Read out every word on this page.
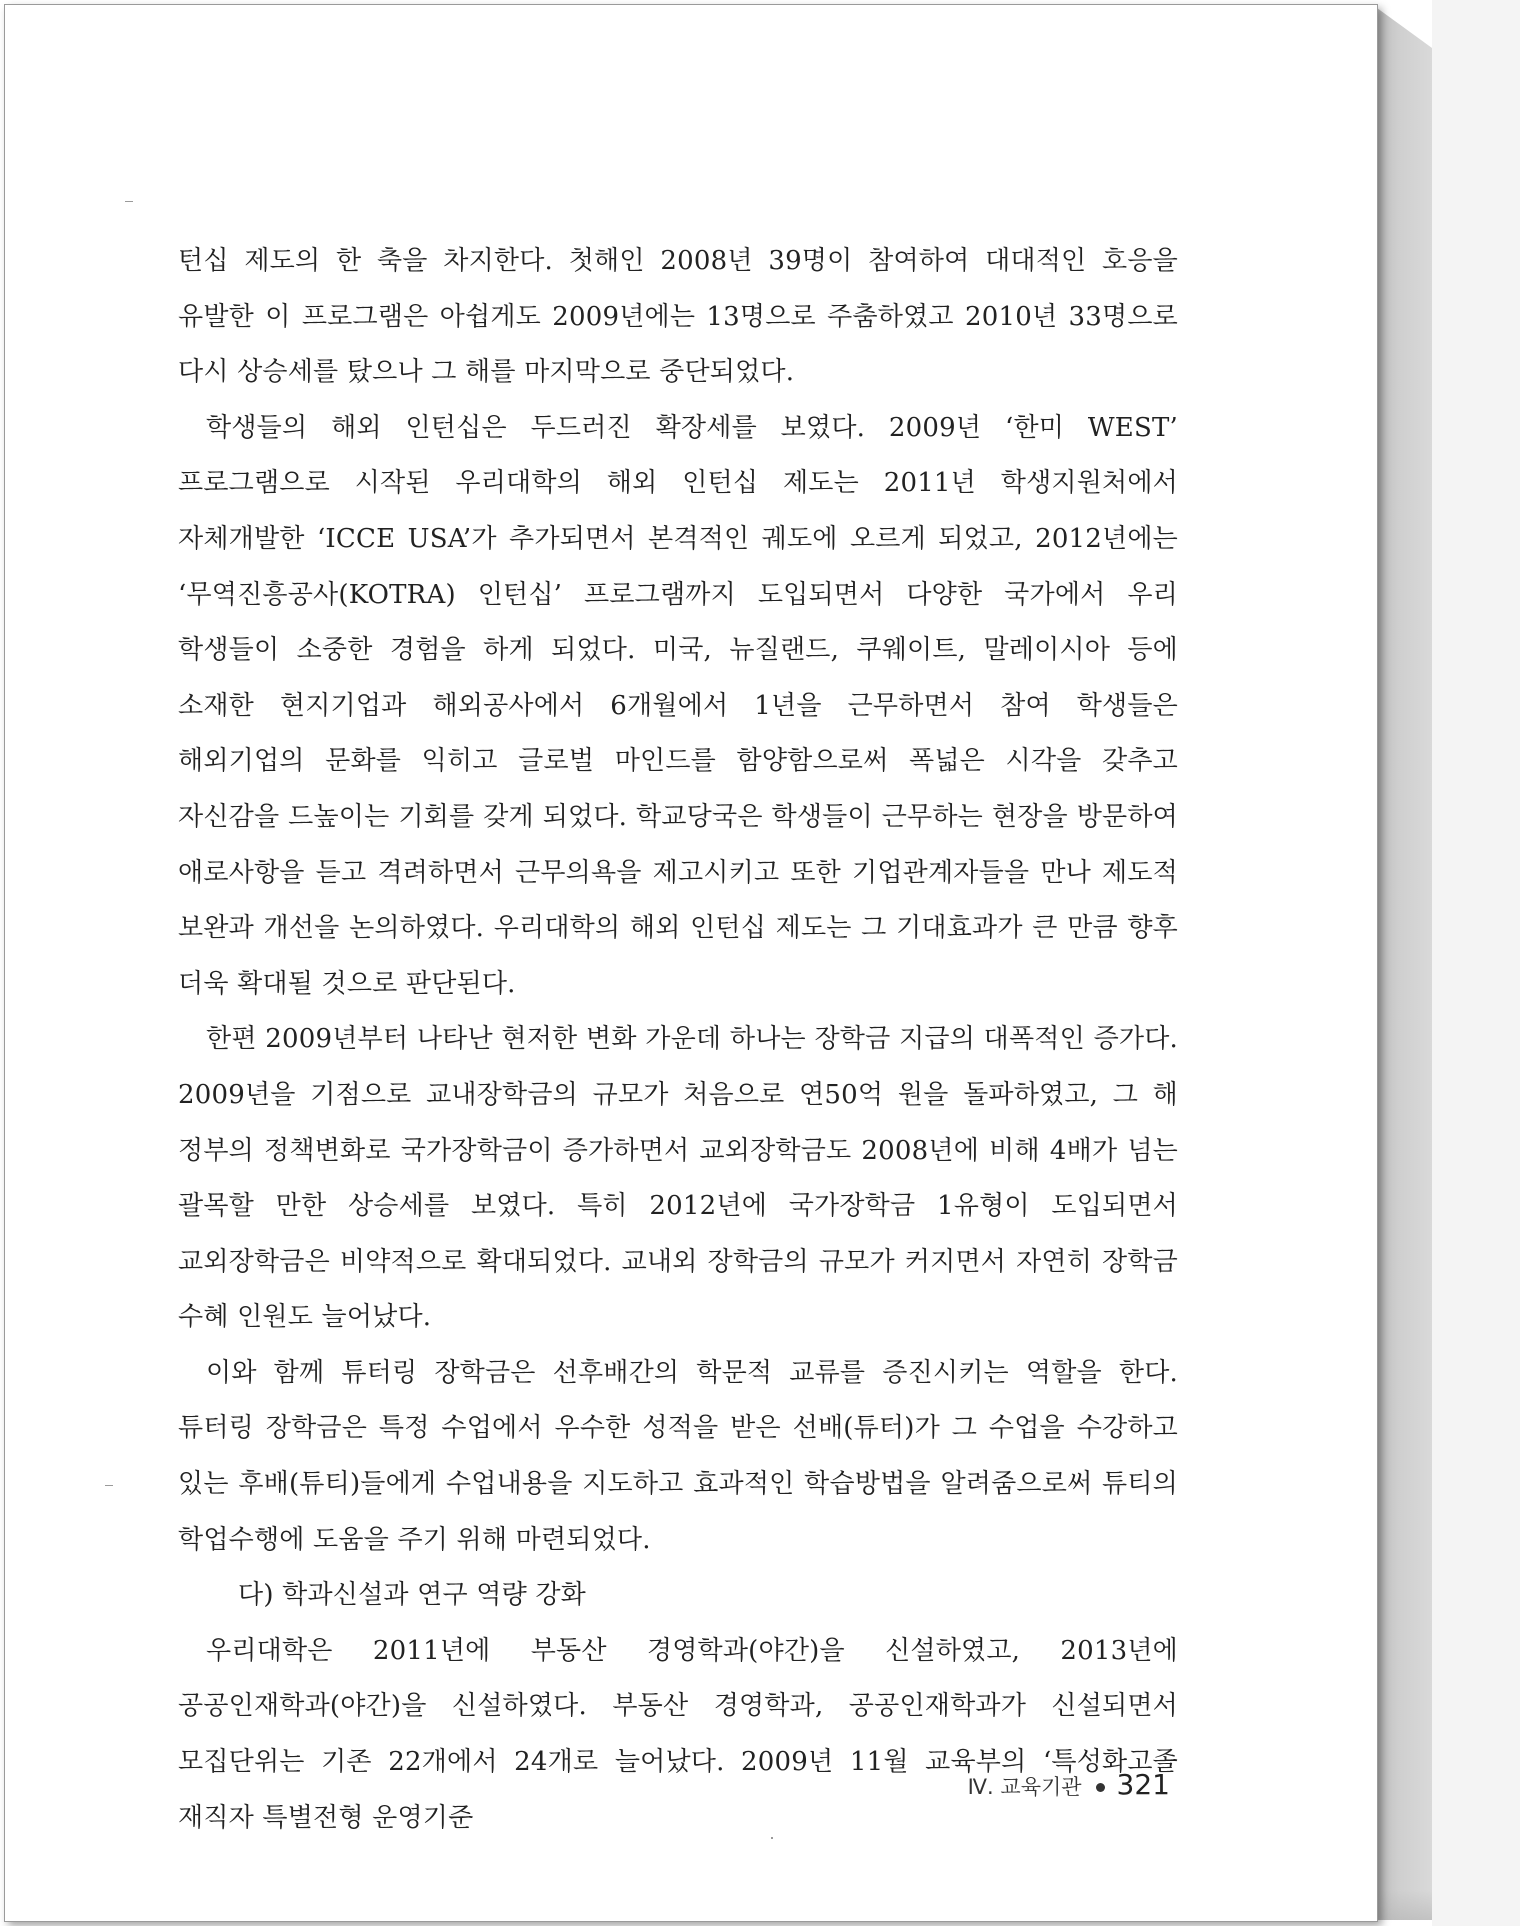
턴십 제도의 한 축을 차지한다. 첫해인 2008년 39명이 참여하여 대대적인 호응을 유발한 이 프로그램은 아쉽게도 2009년에는 13명으로 주춤하였고 2010년 33명으로 다시 상승세를 탔으나 그 해를 마지막으로 중단되었다.

학생들의 해외 인턴십은 두드러진 확장세를 보였다. 2009년 ‘한미 WEST’ 프로그램으로 시작된 우리대학의 해외 인턴십 제도는 2011년 학생지원처에서 자체개발한 ‘ICCE USA’가 추가되면서 본격적인 궤도에 오르게 되었고, 2012년에는 ‘무역진흥공사(KOTRA) 인턴십’ 프로그램까지 도입되면서 다양한 국가에서 우리 학생들이 소중한 경험을 하게 되었다. 미국, 뉴질랜드, 쿠웨이트, 말레이시아 등에 소재한 현지기업과 해외공사에서 6개월에서 1년을 근무하면서 참여 학생들은 해외기업의 문화를 익히고 글로벌 마인드를 함양함으로써 폭넓은 시각을 갖추고 자신감을 드높이는 기회를 갖게 되었다. 학교당국은 학생들이 근무하는 현장을 방문하여 애로사항을 듣고 격려하면서 근무의욕을 제고시키고 또한 기업관계자들을 만나 제도적 보완과 개선을 논의하였다. 우리대학의 해외 인턴십 제도는 그 기대효과가 큰 만큼 향후 더욱 확대될 것으로 판단된다.

한편 2009년부터 나타난 현저한 변화 가운데 하나는 장학금 지급의 대폭적인 증가다. 2009년을 기점으로 교내장학금의 규모가 처음으로 연50억 원을 돌파하였고, 그 해 정부의 정책변화로 국가장학금이 증가하면서 교외장학금도 2008년에 비해 4배가 넘는 괄목할 만한 상승세를 보였다. 특히 2012년에 국가장학금 1유형이 도입되면서 교외장학금은 비약적으로 확대되었다. 교내외 장학금의 규모가 커지면서 자연히 장학금 수혜 인원도 늘어났다.

이와 함께 튜터링 장학금은 선후배간의 학문적 교류를 증진시키는 역할을 한다. 튜터링 장학금은 특정 수업에서 우수한 성적을 받은 선배(튜터)가 그 수업을 수강하고 있는 후배(튜티)들에게 수업내용을 지도하고 효과적인 학습방법을 알려줌으로써 튜티의 학업수행에 도움을 주기 위해 마련되었다.

다) 학과신설과 연구 역량 강화

우리대학은 2011년에 부동산 경영학과(야간)을 신설하였고, 2013년에 공공인재학과(야간)을 신설하였다. 부동산 경영학과, 공공인재학과가 신설되면서 모집단위는 기존 22개에서 24개로 늘어났다. 2009년 11월 교육부의 ‘특성화고졸 재직자 특별전형 운영기준

Ⅳ. 교육기관 321
